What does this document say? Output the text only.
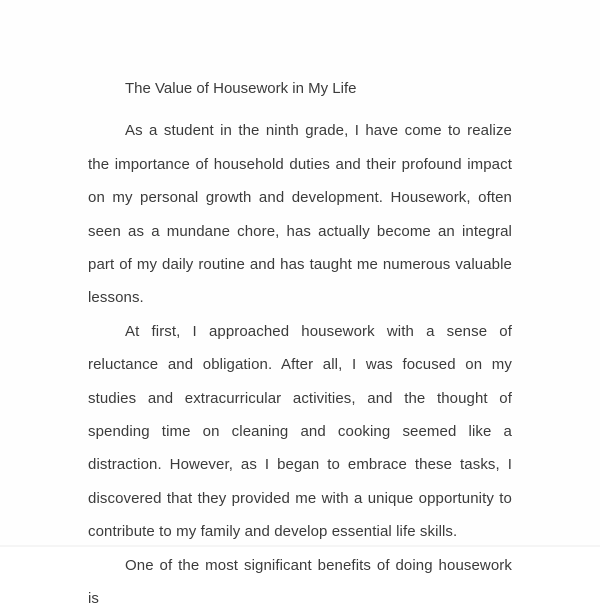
The Value of Housework in My Life

As a student in the ninth grade, I have come to realize the importance of household duties and their profound impact on my personal growth and development. Housework, often seen as a mundane chore, has actually become an integral part of my daily routine and has taught me numerous valuable lessons.

At first, I approached housework with a sense of reluctance and obligation. After all, I was focused on my studies and extracurricular activities, and the thought of spending time on cleaning and cooking seemed like a distraction. However, as I began to embrace these tasks, I discovered that they provided me with a unique opportunity to contribute to my family and develop essential life skills.

One of the most significant benefits of doing housework is
